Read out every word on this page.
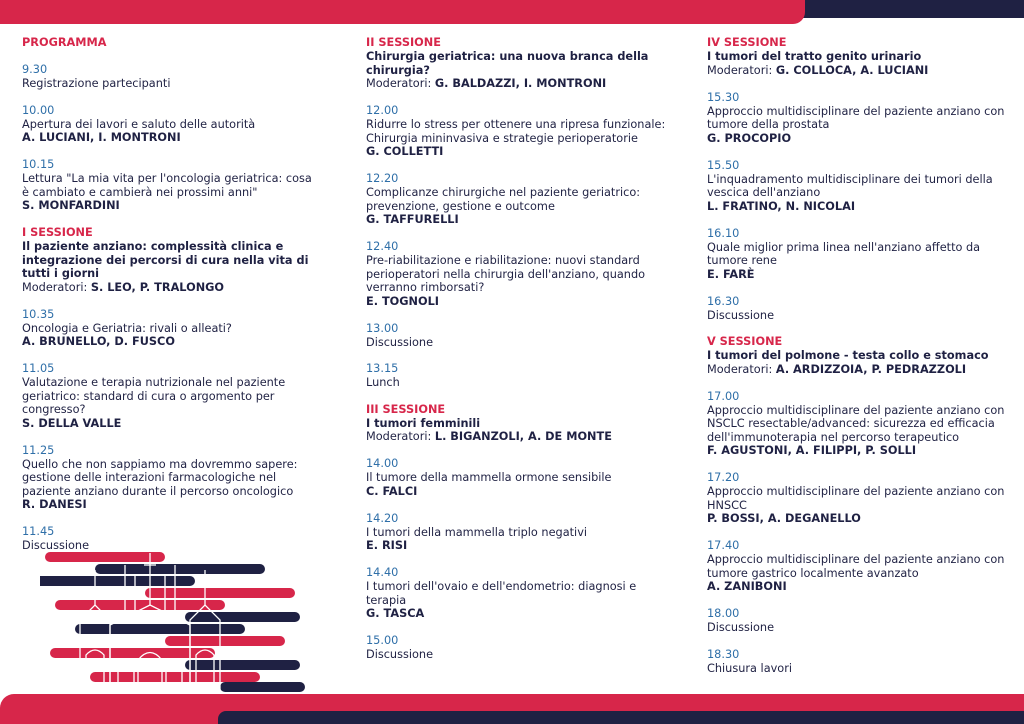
PROGRAMMA
9.30
Registrazione partecipanti
10.00
Apertura dei lavori e saluto delle autorità
A. LUCIANI, I. MONTRONI
10.15
Lettura "La mia vita per l'oncologia geriatrica: cosa è cambiato e cambierà nei prossimi anni"
S. MONFARDINI
I SESSIONE
Il paziente anziano: complessità clinica e integrazione dei percorsi di cura nella vita di tutti i giorni
Moderatori: S. LEO, P. TRALONGO
10.35
Oncologia e Geriatria: rivali o alleati?
A. BRUNELLO, D. FUSCO
11.05
Valutazione e terapia nutrizionale nel paziente geriatrico: standard di cura o argomento per congresso?
S. DELLA VALLE
11.25
Quello che non sappiamo ma dovremmo sapere: gestione delle interazioni farmacologiche nel paziente anziano durante il percorso oncologico
R. DANESI
11.45
Discussione
II SESSIONE
Chirurgia geriatrica: una nuova branca della chirurgia?
Moderatori: G. BALDAZZI, I. MONTRONI
12.00
Ridurre lo stress per ottenere una ripresa funzionale: Chirurgia mininvasiva e strategie perioperatorie
G. COLLETTI
12.20
Complicanze chirurgiche nel paziente geriatrico: prevenzione, gestione e outcome
G. TAFFURELLI
12.40
Pre-riabilitazione e riabilitazione: nuovi standard perioperatori nella chirurgia dell'anziano, quando verranno rimborsati?
E. TOGNOLI
13.00
Discussione
13.15
Lunch
III SESSIONE
I tumori femminili
Moderatori: L. BIGANZOLI, A. DE MONTE
14.00
Il tumore della mammella ormone sensibile
C. FALCI
14.20
I tumori della mammella triplo negativi
E. RISI
14.40
I tumori dell'ovaio e dell'endometrio: diagnosi e terapia
G. TASCA
15.00
Discussione
IV SESSIONE
I tumori del tratto genito urinario
Moderatori: G. COLLOCA, A. LUCIANI
15.30
Approccio multidisciplinare del paziente anziano con tumore della prostata
G. PROCOPIO
15.50
L'inquadramento multidisciplinare dei tumori della vescica dell'anziano
L. FRATINO, N. NICOLAI
16.10
Quale miglior prima linea nell'anziano affetto da tumore rene
E. FARÈ
16.30
Discussione
V SESSIONE
I tumori del polmone - testa collo e stomaco
Moderatori: A. ARDIZZOIA, P. PEDRAZZOLI
17.00
Approccio multidisciplinare del paziente anziano con NSCLC resectable/advanced: sicurezza ed efficacia dell'immunoterapia nel percorso terapeutico
F. AGUSTONI, A. FILIPPI, P. SOLLI
17.20
Approccio multidisciplinare del paziente anziano con HNSCC
P. BOSSI, A. DEGANELLO
17.40
Approccio multidisciplinare del paziente anziano con tumore gastrico localmente avanzato
A. ZANIBONI
18.00
Discussione
18.30
Chiusura lavori
